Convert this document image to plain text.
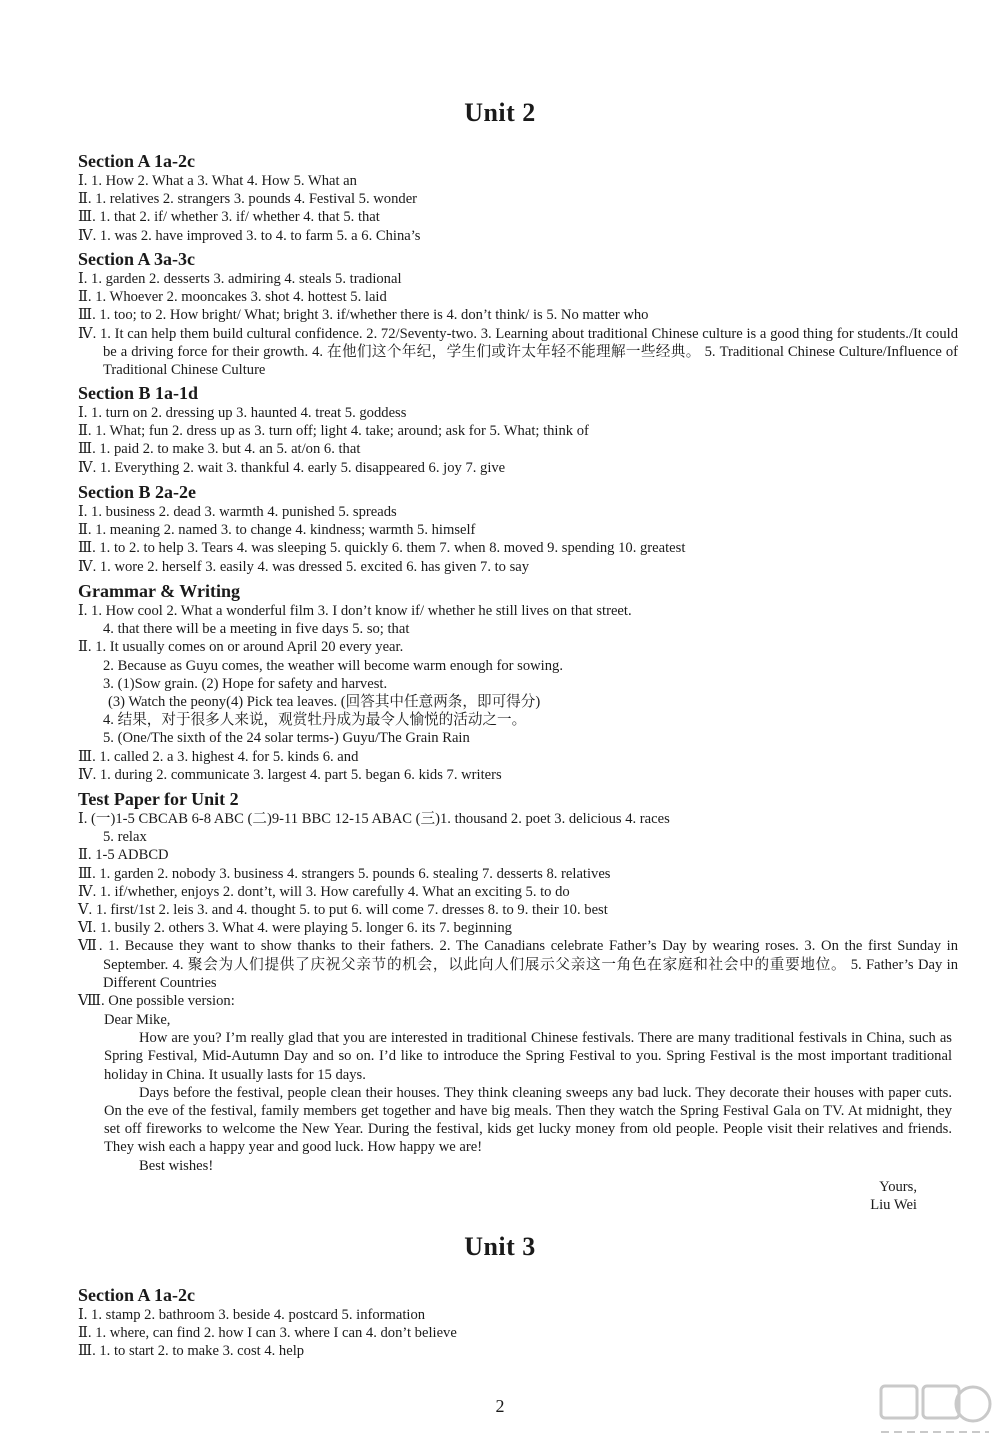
Unit 2

Section A 1a-2c

Ⅰ. 1. How 2. What a 3. What 4. How 5. What an

Ⅱ. 1. relatives 2. strangers 3. pounds 4. Festival 5. wonder

Ⅲ. 1. that 2. if/ whether 3. if/ whether 4. that 5. that

Ⅳ. 1. was 2. have improved 3. to 4. to farm 5. a 6. China’s

Section A 3a-3c

Ⅰ. 1. garden 2. desserts 3. admiring 4. steals 5. tradional

Ⅱ. 1. Whoever 2. mooncakes 3. shot 4. hottest 5. laid

Ⅲ. 1. too; to 2. How bright/ What; bright 3. if/whether there is 4. don’t think/ is 5. No matter who

Ⅳ. 1. It can help them build cultural confidence. 2. 72/Seventy-two. 3. Learning about traditional Chinese culture is a good thing for students./It could be a driving force for their growth. 4. 在他们这个年纪，学生们或许太年轻不能理解一些经典。 5. Traditional Chinese Culture/Influence of Traditional Chinese Culture

Section B 1a-1d

Ⅰ. 1. turn on 2. dressing up 3. haunted 4. treat 5. goddess

Ⅱ. 1. What; fun 2. dress up as 3. turn off; light 4. take; around; ask for 5. What; think of

Ⅲ. 1. paid 2. to make 3. but 4. an 5. at/on 6. that

Ⅳ. 1. Everything 2. wait 3. thankful 4. early 5. disappeared 6. joy 7. give

Section B 2a-2e

Ⅰ. 1. business 2. dead 3. warmth 4. punished 5. spreads

Ⅱ. 1. meaning 2. named 3. to change 4. kindness; warmth 5. himself

Ⅲ. 1. to 2. to help 3. Tears 4. was sleeping 5. quickly 6. them 7. when 8. moved 9. spending 10. greatest

Ⅳ. 1. wore 2. herself 3. easily 4. was dressed 5. excited 6. has given 7. to say

Grammar & Writing

Ⅰ. 1. How cool 2. What a wonderful film 3. I don’t know if/ whether he still lives on that street.

4. that there will be a meeting in five days 5. so; that

Ⅱ. 1. It usually comes on or around April 20 every year.

2. Because as Guyu comes, the weather will become warm enough for sowing.

3. (1)Sow grain. (2) Hope for safety and harvest.

(3) Watch the peony(4) Pick tea leaves. (回答其中任意两条，即可得分)

4. 结果，对于很多人来说，观赏牡丹成为最令人愉悦的活动之一。

5. (One/The sixth of the 24 solar terms-) Guyu/The Grain Rain

Ⅲ. 1. called 2. a 3. highest 4. for 5. kinds 6. and

Ⅳ. 1. during 2. communicate 3. largest 4. part 5. began 6. kids 7. writers

Test Paper for Unit 2

Ⅰ. (一)1-5 CBCAB 6-8 ABC (二)9-11 BBC 12-15 ABAC (三)1. thousand 2. poet 3. delicious 4. races

5. relax

Ⅱ. 1-5 ADBCD

Ⅲ. 1. garden 2. nobody 3. business 4. strangers 5. pounds 6. stealing 7. desserts 8. relatives

Ⅳ. 1. if/whether, enjoys 2. dont’t, will 3. How carefully 4. What an exciting 5. to do

Ⅴ. 1. first/1st 2. leis 3. and 4. thought 5. to put 6. will come 7. dresses 8. to 9. their 10. best

Ⅵ. 1. busily 2. others 3. What 4. were playing 5. longer 6. its 7. beginning

Ⅶ. 1. Because they want to show thanks to their fathers. 2. The Canadians celebrate Father’s Day by wearing roses. 3. On the first Sunday in September. 4. 聚会为人们提供了庆祝父亲节的机会，以此向人们展示父亲这一角色在家庭和社会中的重要地位。 5. Father’s Day in Different Countries

Ⅷ. One possible version:

Dear Mike,

How are you? I’m really glad that you are interested in traditional Chinese festivals. There are many traditional festivals in China, such as Spring Festival, Mid-Autumn Day and so on. I’d like to introduce the Spring Festival to you. Spring Festival is the most important traditional holiday in China. It usually lasts for 15 days.

Days before the festival, people clean their houses. They think cleaning sweeps any bad luck. They decorate their houses with paper cuts. On the eve of the festival, family members get together and have big meals. Then they watch the Spring Festival Gala on TV. At midnight, they set off fireworks to welcome the New Year. During the festival, kids get lucky money from old people. People visit their relatives and friends. They wish each a happy year and good luck. How happy we are!

Best wishes!

Yours,

Liu Wei

Unit 3

Section A 1a-2c

Ⅰ. 1. stamp 2. bathroom 3. beside 4. postcard 5. information

Ⅱ. 1. where, can find 2. how I can 3. where I can 4. don’t believe

Ⅲ. 1. to start 2. to make 3. cost 4. help

2
